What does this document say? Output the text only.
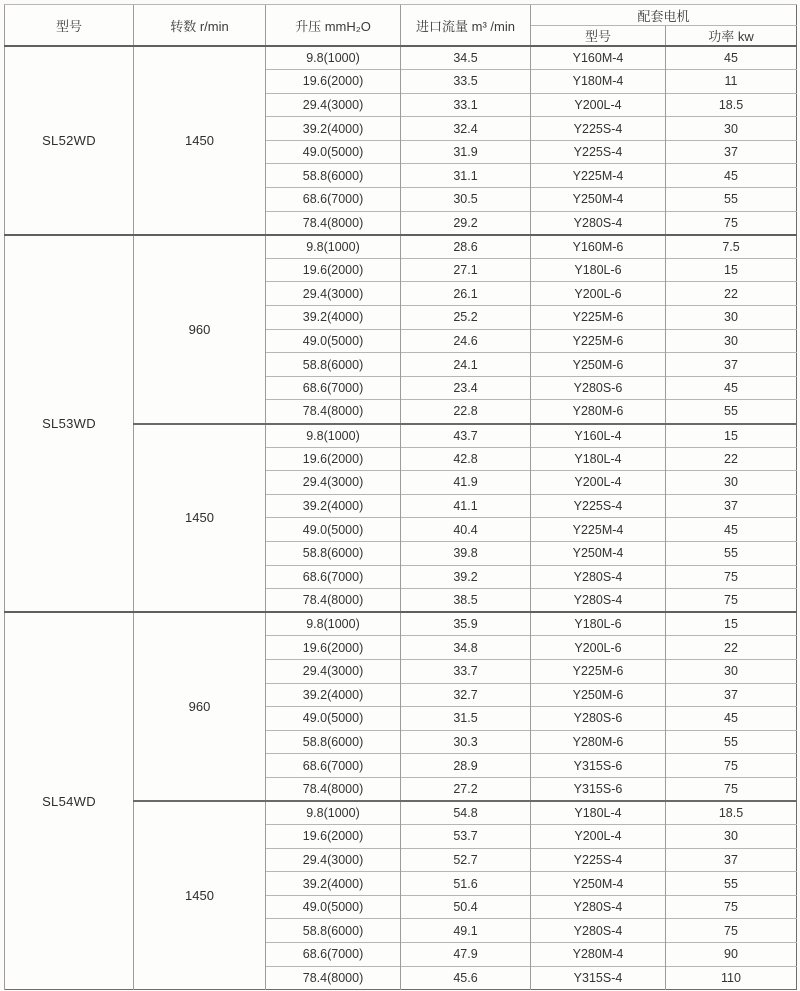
型号	转数 r/min	升压 mmH₂O	进口流量 m³ /min	配套电机	
				型号	功率 kw
SL52WD	1450	9.8(1000)	34.5	Y160M-4	45
		19.6(2000)	33.5	Y180M-4	11
		29.4(3000)	33.1	Y200L-4	18.5
		39.2(4000)	32.4	Y225S-4	30
		49.0(5000)	31.9	Y225S-4	37
		58.8(6000)	31.1	Y225M-4	45
		68.6(7000)	30.5	Y250M-4	55
		78.4(8000)	29.2	Y280S-4	75
SL53WD	960	9.8(1000)	28.6	Y160M-6	7.5
		19.6(2000)	27.1	Y180L-6	15
		29.4(3000)	26.1	Y200L-6	22
		39.2(4000)	25.2	Y225M-6	30
		49.0(5000)	24.6	Y225M-6	30
		58.8(6000)	24.1	Y250M-6	37
		68.6(7000)	23.4	Y280S-6	45
		78.4(8000)	22.8	Y280M-6	55
	1450	9.8(1000)	43.7	Y160L-4	15
		19.6(2000)	42.8	Y180L-4	22
		29.4(3000)	41.9	Y200L-4	30
		39.2(4000)	41.1	Y225S-4	37
		49.0(5000)	40.4	Y225M-4	45
		58.8(6000)	39.8	Y250M-4	55
		68.6(7000)	39.2	Y280S-4	75
		78.4(8000)	38.5	Y280S-4	75
SL54WD	960	9.8(1000)	35.9	Y180L-6	15
		19.6(2000)	34.8	Y200L-6	22
		29.4(3000)	33.7	Y225M-6	30
		39.2(4000)	32.7	Y250M-6	37
		49.0(5000)	31.5	Y280S-6	45
		58.8(6000)	30.3	Y280M-6	55
		68.6(7000)	28.9	Y315S-6	75
		78.4(8000)	27.2	Y315S-6	75
	1450	9.8(1000)	54.8	Y180L-4	18.5
		19.6(2000)	53.7	Y200L-4	30
		29.4(3000)	52.7	Y225S-4	37
		39.2(4000)	51.6	Y250M-4	55
		49.0(5000)	50.4	Y280S-4	75
		58.8(6000)	49.1	Y280S-4	75
		68.6(7000)	47.9	Y280M-4	90
		78.4(8000)	45.6	Y315S-4	110
